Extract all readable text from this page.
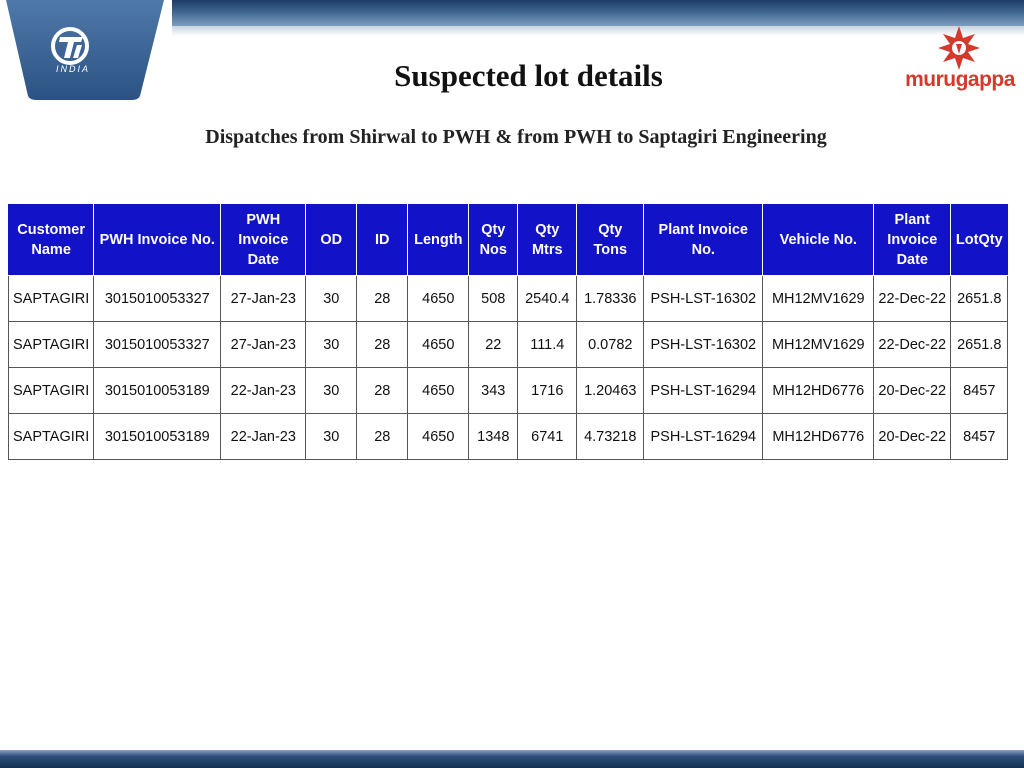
INDIA	murugappa
Suspected lot details
Dispatches from Shirwal to PWH & from PWH to Saptagiri Engineering
Customer Name	PWH Invoice No.	PWH Invoice Date	OD	ID	Length	Qty Nos	Qty Mtrs	Qty Tons	Plant Invoice No.	Vehicle No.	Plant Invoice Date	LotQty
SAPTAGIRI	3015010053327	27-Jan-23	30	28	4650	508	2540.4	1.78336	PSH-LST-16302	MH12MV1629	22-Dec-22	2651.8
SAPTAGIRI	3015010053327	27-Jan-23	30	28	4650	22	111.4	0.0782	PSH-LST-16302	MH12MV1629	22-Dec-22	2651.8
SAPTAGIRI	3015010053189	22-Jan-23	30	28	4650	343	1716	1.20463	PSH-LST-16294	MH12HD6776	20-Dec-22	8457
SAPTAGIRI	3015010053189	22-Jan-23	30	28	4650	1348	6741	4.73218	PSH-LST-16294	MH12HD6776	20-Dec-22	8457
